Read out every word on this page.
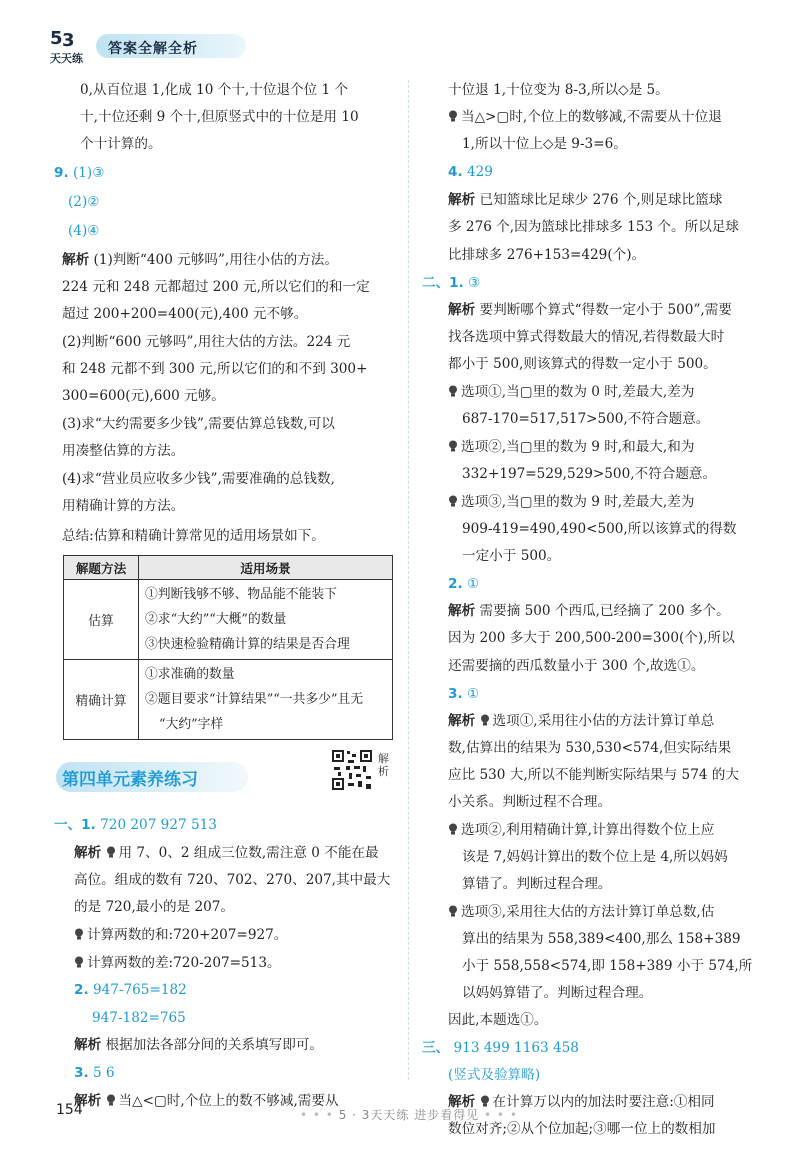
5 3
天天练
答案全解全析
0,从百位退 1,化成 10 个十,十位退个位 1 个
十,十位还剩 9 个十,但原竖式中的十位是用 10
个十计算的。
9. (1)③
(2)②
(4)④
解析 (1)判断“400 元够吗”,用往小估的方法。
224 元和 248 元都超过 200 元,所以它们的和一定
超过 200+200=400(元),400 元不够。
(2)判断“600 元够吗”,用往大估的方法。224 元
和 248 元都不到 300 元,所以它们的和不到 300+
300=600(元),600 元够。
(3)求“大约需要多少钱”,需要估算总钱数,可以
用凑整估算的方法。
(4)求“营业员应收多少钱”,需要准确的总钱数,
用精确计算的方法。
总结:估算和精确计算常见的适用场景如下。
解题方法	适用场景
估算	①判断钱够不够、物品能不能装下
②求“大约”“大概”的数量
③快速检验精确计算的结果是否合理

精确计算	①求准确的数量
②题目要求“计算结果”“一共多少”且无
“大约”字样
第四单元素养练习
解析
一、1. 720 207 927 513
解析 用 7、0、2 组成三位数,需注意 0 不能在最
高位。组成的数有 720、702、270、207,其中最大
的是 720,最小的是 207。
计算两数的和:720+207=927。
计算两数的差:720-207=513。
2. 947-765=182
947-182=765
解析 根据加法各部分间的关系填写即可。
3. 5 6
解析 当△<▢时,个位上的数不够减,需要从
十位退 1,十位变为 8-3,所以◇是 5。
当△>▢时,个位上的数够减,不需要从十位退
1,所以十位上◇是 9-3=6。
4. 429
解析 已知篮球比足球少 276 个,则足球比篮球
多 276 个,因为篮球比排球多 153 个。所以足球
比排球多 276+153=429(个)。
二、1. ③
解析 要判断哪个算式“得数一定小于 500”,需要
找各选项中算式得数最大的情况,若得数最大时
都小于 500,则该算式的得数一定小于 500。
选项①,当▢里的数为 0 时,差最大,差为
687-170=517,517>500,不符合题意。
选项②,当▢里的数为 9 时,和最大,和为
332+197=529,529>500,不符合题意。
选项③,当▢里的数为 9 时,差最大,差为
909-419=490,490<500,所以该算式的得数
一定小于 500。
2. ①
解析 需要摘 500 个西瓜,已经摘了 200 多个。
因为 200 多大于 200,500-200=300(个),所以
还需要摘的西瓜数量小于 300 个,故选①。
3. ①
解析 选项①,采用往小估的方法计算订单总
数,估算出的结果为 530,530<574,但实际结果
应比 530 大,所以不能判断实际结果与 574 的大
小关系。判断过程不合理。
选项②,利用精确计算,计算出得数个位上应
该是 7,妈妈计算出的数个位上是 4,所以妈妈
算错了。判断过程合理。
选项③,采用往大估的方法计算订单总数,估
算出的结果为 558,389<400,那么 158+389
小于 558,558<574,即 158+389 小于 574,所
以妈妈算错了。判断过程合理。
因此,本题选①。
三、 913 499 1163 458
(竖式及验算略)
解析 在计算万以内的加法时要注意:①相同
数位对齐;②从个位加起;③哪一位上的数相加
154	• • • 5 · 3天天练 进步看得见 • • •
